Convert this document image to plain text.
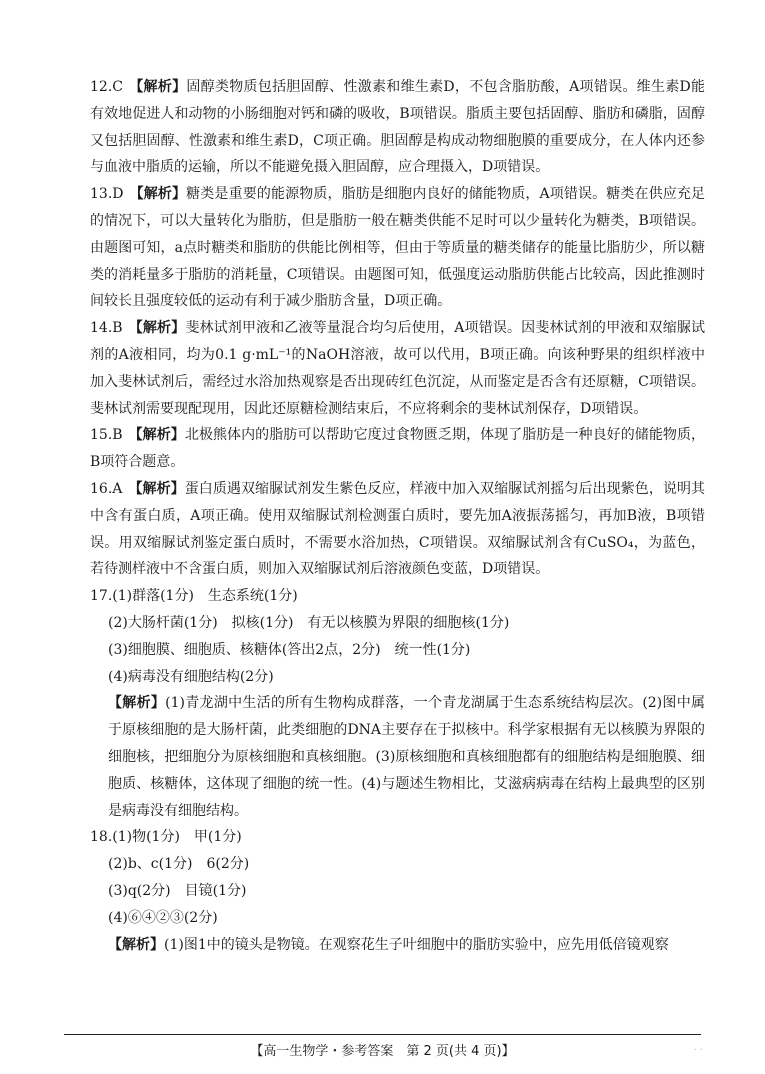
12.C 【解析】固醇类物质包括胆固醇、性激素和维生素D，不包含脂肪酸，A项错误。维生素D能有效地促进人和动物的小肠细胞对钙和磷的吸收，B项错误。脂质主要包括固醇、脂肪和磷脂，固醇又包括胆固醇、性激素和维生素D，C项正确。胆固醇是构成动物细胞膜的重要成分，在人体内还参与血液中脂质的运输，所以不能避免摄入胆固醇，应合理摄入，D项错误。

13.D 【解析】糖类是重要的能源物质，脂肪是细胞内良好的储能物质，A项错误。糖类在供应充足的情况下，可以大量转化为脂肪，但是脂肪一般在糖类供能不足时可以少量转化为糖类，B项错误。由题图可知，a点时糖类和脂肪的供能比例相等，但由于等质量的糖类储存的能量比脂肪少，所以糖类的消耗量多于脂肪的消耗量，C项错误。由题图可知，低强度运动脂肪供能占比较高，因此推测时间较长且强度较低的运动有利于减少脂肪含量，D项正确。

14.B 【解析】斐林试剂甲液和乙液等量混合均匀后使用，A项错误。因斐林试剂的甲液和双缩脲试剂的A液相同，均为0.1 g·mL⁻¹的NaOH溶液，故可以代用，B项正确。向该种野果的组织样液中加入斐林试剂后，需经过水浴加热观察是否出现砖红色沉淀，从而鉴定是否含有还原糖，C项错误。斐林试剂需要现配现用，因此还原糖检测结束后，不应将剩余的斐林试剂保存，D项错误。

15.B 【解析】北极熊体内的脂肪可以帮助它度过食物匮乏期，体现了脂肪是一种良好的储能物质，B项符合题意。

16.A 【解析】蛋白质遇双缩脲试剂发生紫色反应，样液中加入双缩脲试剂摇匀后出现紫色，说明其中含有蛋白质，A项正确。使用双缩脲试剂检测蛋白质时，要先加A液振荡摇匀，再加B液，B项错误。用双缩脲试剂鉴定蛋白质时，不需要水浴加热，C项错误。双缩脲试剂含有CuSO₄，为蓝色，若待测样液中不含蛋白质，则加入双缩脲试剂后溶液颜色变蓝，D项错误。

17.(1)群落(1分)　生态系统(1分)

(2)大肠杆菌(1分)　拟核(1分)　有无以核膜为界限的细胞核(1分)

(3)细胞膜、细胞质、核糖体(答出2点，2分)　统一性(1分)

(4)病毒没有细胞结构(2分)

【解析】(1)青龙湖中生活的所有生物构成群落，一个青龙湖属于生态系统结构层次。(2)图中属于原核细胞的是大肠杆菌，此类细胞的DNA主要存在于拟核中。科学家根据有无以核膜为界限的细胞核，把细胞分为原核细胞和真核细胞。(3)原核细胞和真核细胞都有的细胞结构是细胞膜、细胞质、核糖体，这体现了细胞的统一性。(4)与题述生物相比，艾滋病病毒在结构上最典型的区别是病毒没有细胞结构。

18.(1)物(1分)　甲(1分)

(2)b、c(1分)　6(2分)

(3)q(2分)　目镜(1分)

(4)⑥④②③(2分)

【解析】(1)图1中的镜头是物镜。在观察花生子叶细胞中的脂肪实验中，应先用低倍镜观察

【高一生物学・参考答案　第 2 页(共 4 页)】	. .
